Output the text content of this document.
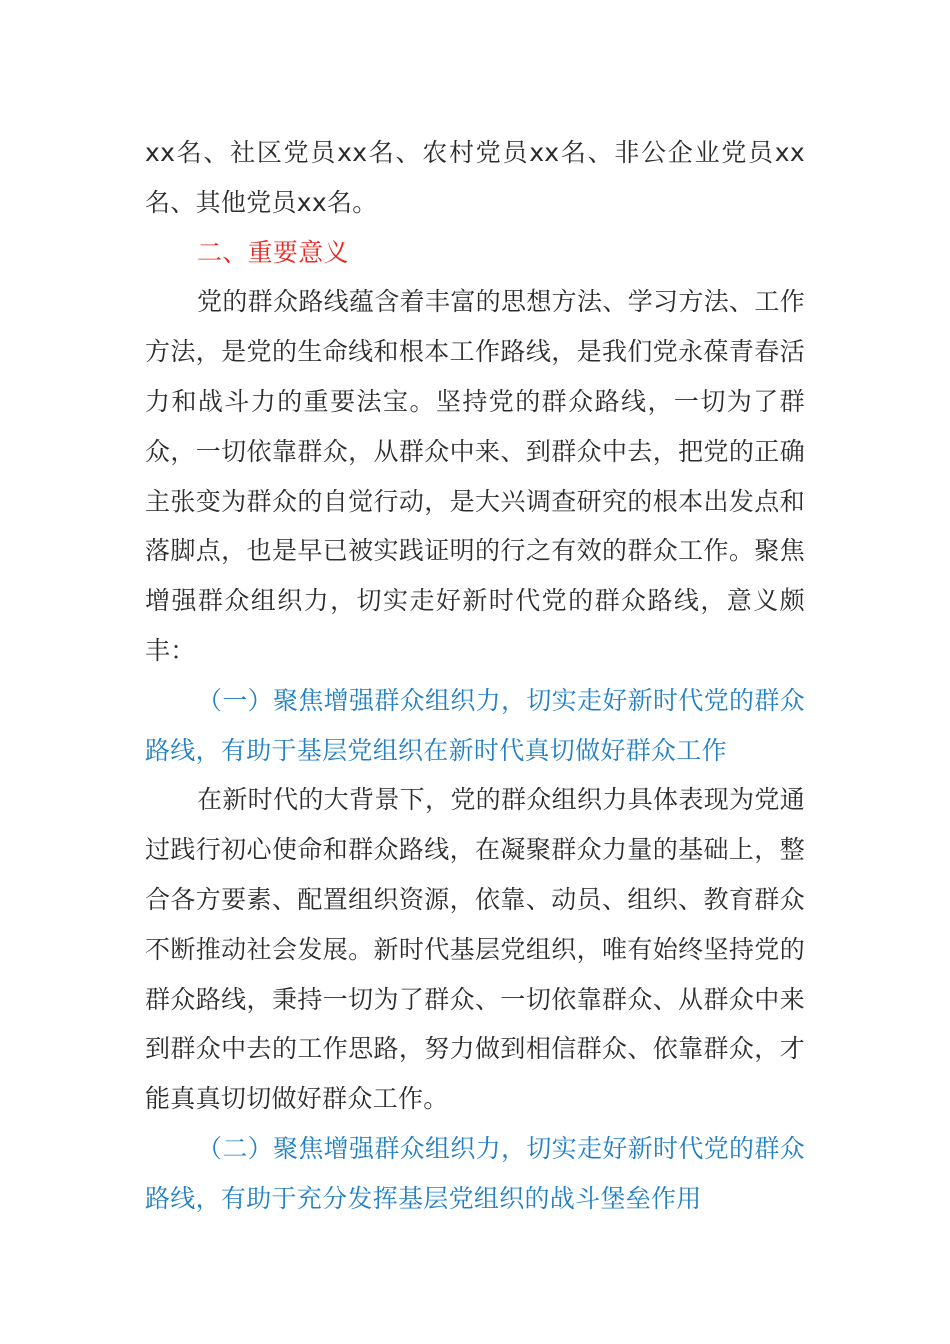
xx名、社区党员xx名、农村党员xx名、非公企业党员xx名、其他党员xx名。

二、重要意义

党的群众路线蕴含着丰富的思想方法、学习方法、工作方法，是党的生命线和根本工作路线，是我们党永葆青春活力和战斗力的重要法宝。坚持党的群众路线，一切为了群众，一切依靠群众，从群众中来、到群众中去，把党的正确主张变为群众的自觉行动，是大兴调查研究的根本出发点和落脚点，也是早已被实践证明的行之有效的群众工作。聚焦增强群众组织力，切实走好新时代党的群众路线，意义颇丰：

（一）聚焦增强群众组织力，切实走好新时代党的群众路线，有助于基层党组织在新时代真切做好群众工作

在新时代的大背景下，党的群众组织力具体表现为党通过践行初心使命和群众路线，在凝聚群众力量的基础上，整合各方要素、配置组织资源，依靠、动员、组织、教育群众不断推动社会发展。新时代基层党组织，唯有始终坚持党的群众路线，秉持一切为了群众、一切依靠群众、从群众中来到群众中去的工作思路，努力做到相信群众、依靠群众，才能真真切切做好群众工作。

（二）聚焦增强群众组织力，切实走好新时代党的群众路线，有助于充分发挥基层党组织的战斗堡垒作用
